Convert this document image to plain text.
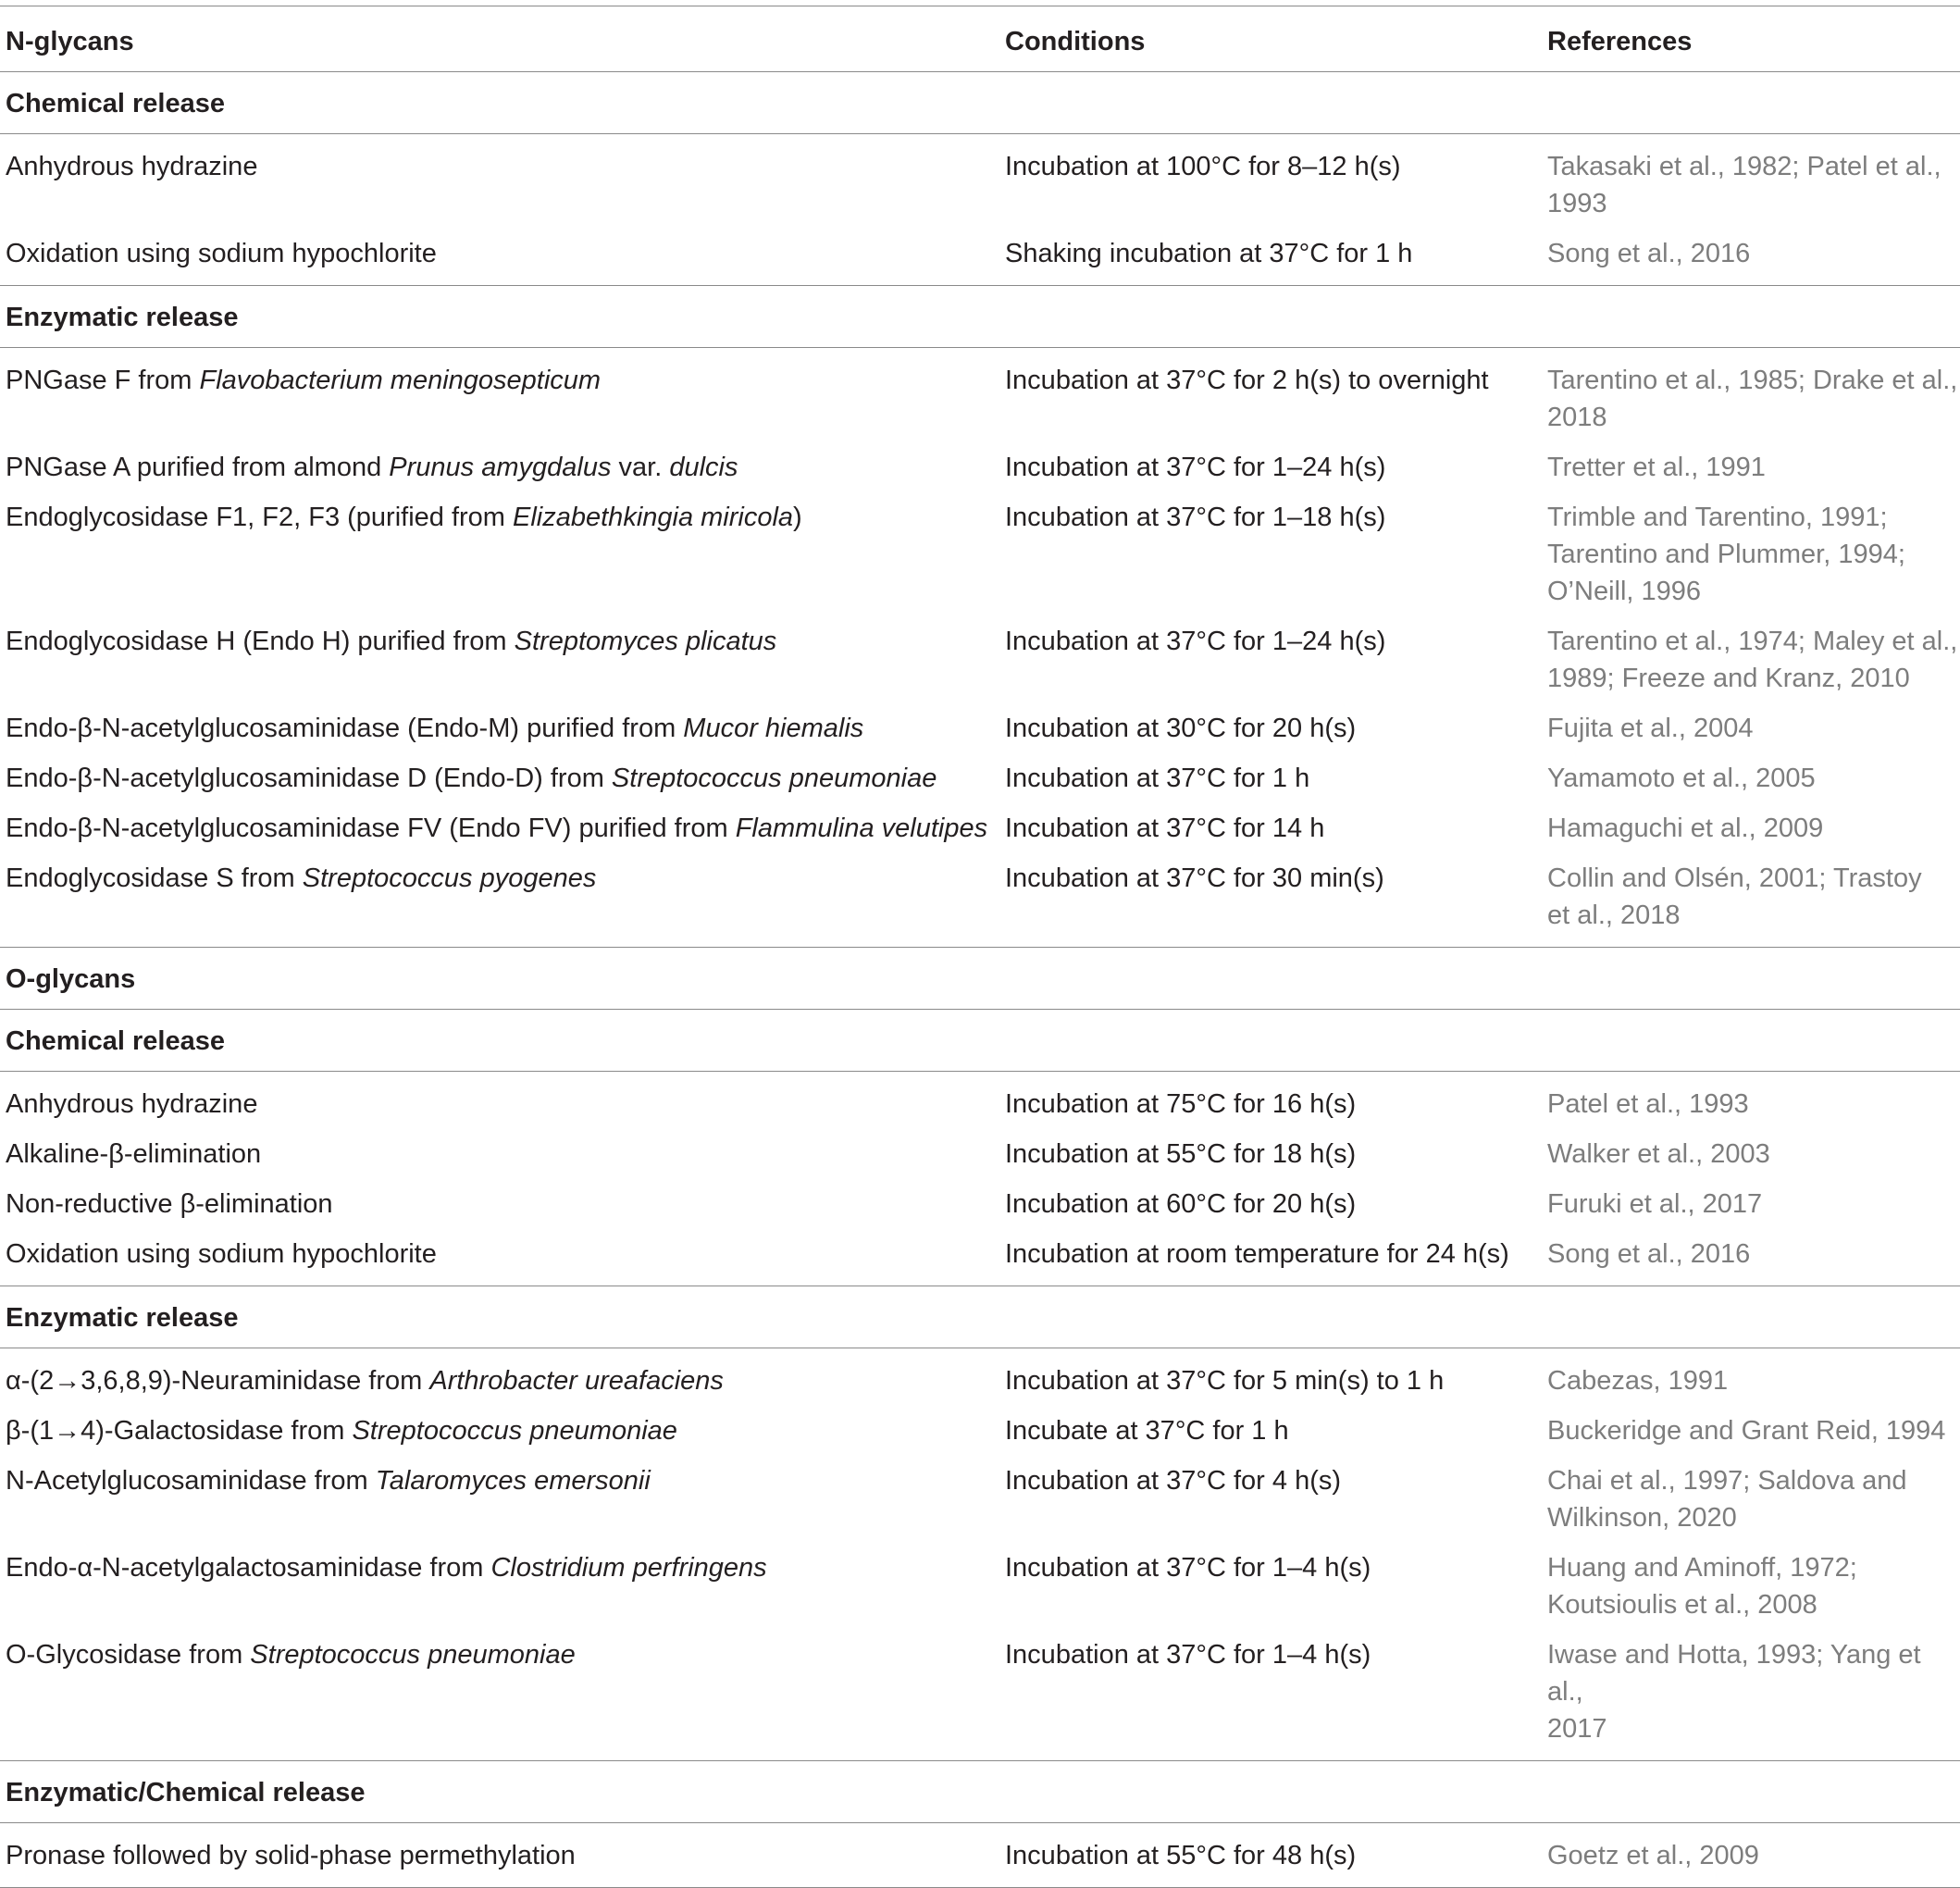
N-glycans	Conditions	References
Chemical release		
Anhydrous hydrazine	Incubation at 100°C for 8–12 h(s)	Takasaki et al., 1982; Patel et al.,
1993
Oxidation using sodium hypochlorite	Shaking incubation at 37°C for 1 h	Song et al., 2016
Enzymatic release		
PNGase F from Flavobacterium meningosepticum	Incubation at 37°C for 2 h(s) to overnight	Tarentino et al., 1985; Drake et al.,
2018
PNGase A purified from almond Prunus amygdalus var. dulcis	Incubation at 37°C for 1–24 h(s)	Tretter et al., 1991
Endoglycosidase F1, F2, F3 (purified from Elizabethkingia miricola)	Incubation at 37°C for 1–18 h(s)	Trimble and Tarentino, 1991;
Tarentino and Plummer, 1994;
O’Neill, 1996
Endoglycosidase H (Endo H) purified from Streptomyces plicatus	Incubation at 37°C for 1–24 h(s)	Tarentino et al., 1974; Maley et al.,
1989; Freeze and Kranz, 2010
Endo-β-N-acetylglucosaminidase (Endo-M) purified from Mucor hiemalis	Incubation at 30°C for 20 h(s)	Fujita et al., 2004
Endo-β-N-acetylglucosaminidase D (Endo-D) from Streptococcus pneumoniae	Incubation at 37°C for 1 h	Yamamoto et al., 2005
Endo-β-N-acetylglucosaminidase FV (Endo FV) purified from Flammulina velutipes	Incubation at 37°C for 14 h	Hamaguchi et al., 2009
Endoglycosidase S from Streptococcus pyogenes	Incubation at 37°C for 30 min(s)	Collin and Olsén, 2001; Trastoy
et al., 2018
O-glycans		
Chemical release		
Anhydrous hydrazine	Incubation at 75°C for 16 h(s)	Patel et al., 1993
Alkaline-β-elimination	Incubation at 55°C for 18 h(s)	Walker et al., 2003
Non-reductive β-elimination	Incubation at 60°C for 20 h(s)	Furuki et al., 2017
Oxidation using sodium hypochlorite	Incubation at room temperature for 24 h(s)	Song et al., 2016
Enzymatic release		
α-(2→3,6,8,9)-Neuraminidase from Arthrobacter ureafaciens	Incubation at 37°C for 5 min(s) to 1 h	Cabezas, 1991
β-(1→4)-Galactosidase from Streptococcus pneumoniae	Incubate at 37°C for 1 h	Buckeridge and Grant Reid, 1994
N-Acetylglucosaminidase from Talaromyces emersonii	Incubation at 37°C for 4 h(s)	Chai et al., 1997; Saldova and
Wilkinson, 2020
Endo-α-N-acetylgalactosaminidase from Clostridium perfringens	Incubation at 37°C for 1–4 h(s)	Huang and Aminoff, 1972;
Koutsioulis et al., 2008
O-Glycosidase from Streptococcus pneumoniae	Incubation at 37°C for 1–4 h(s)	Iwase and Hotta, 1993; Yang et al.,
2017
Enzymatic/Chemical release		
Pronase followed by solid-phase permethylation	Incubation at 55°C for 48 h(s)	Goetz et al., 2009
